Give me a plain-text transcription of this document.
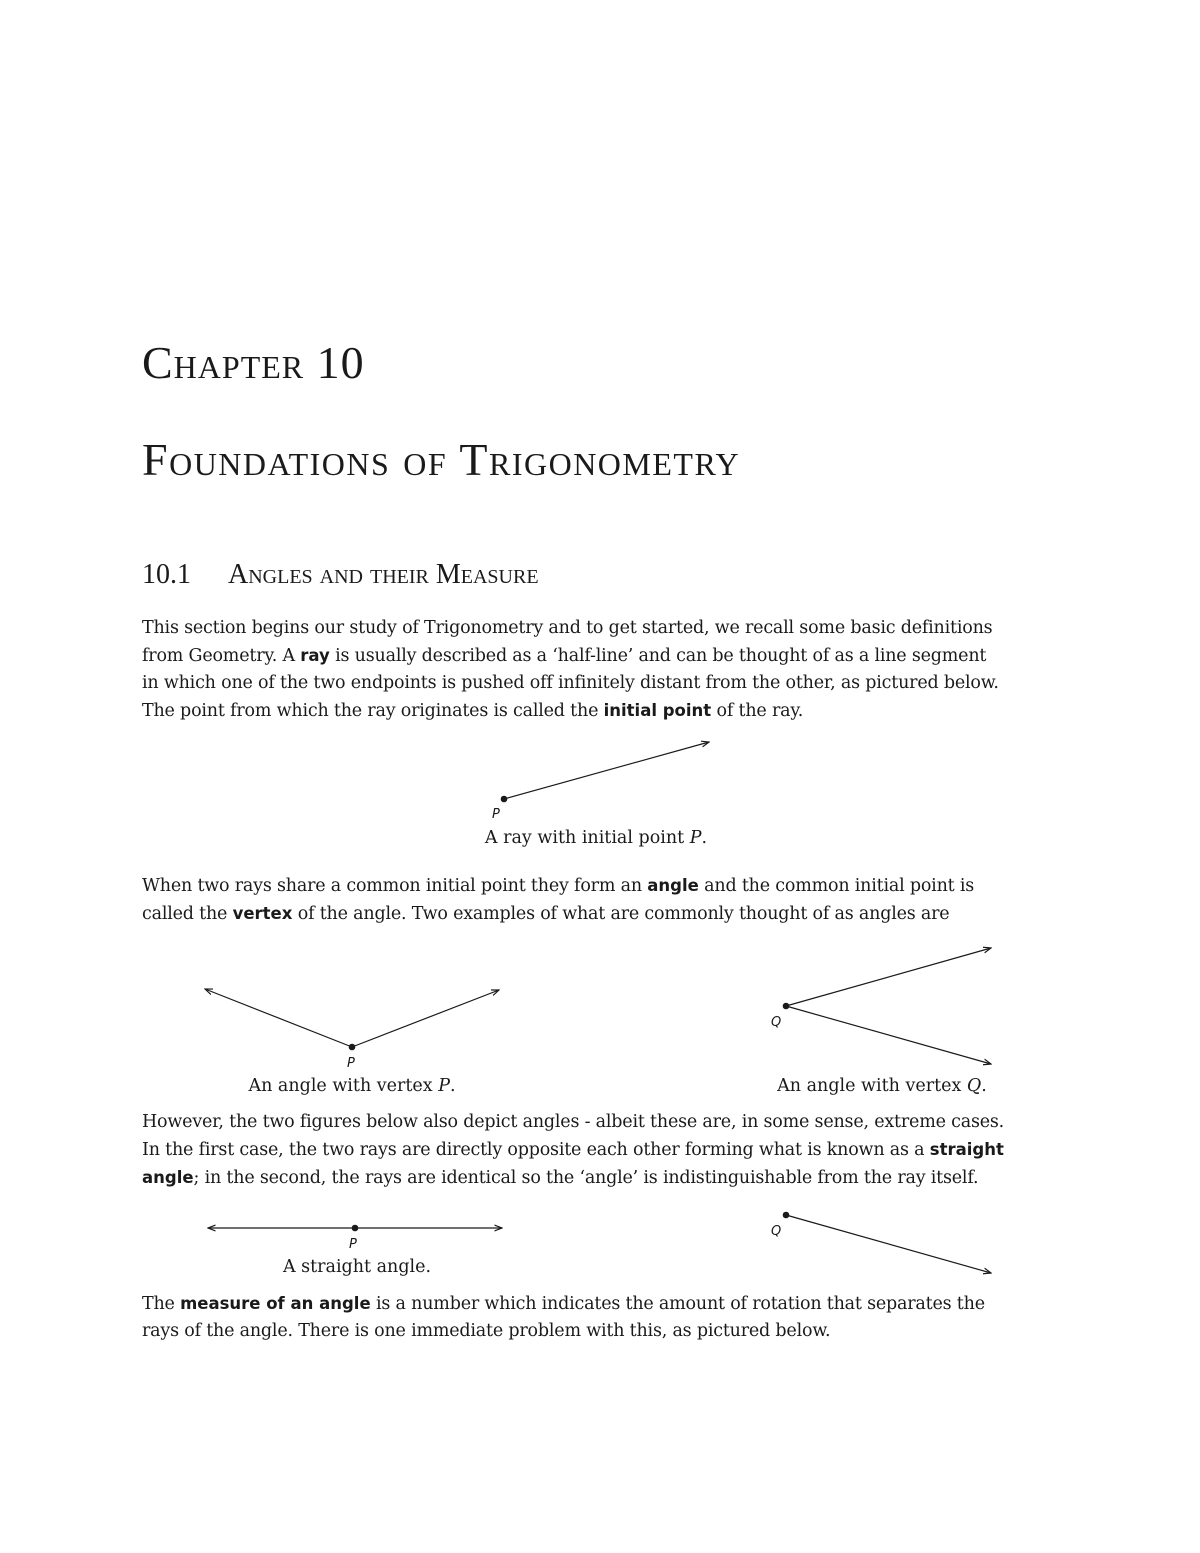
Chapter 10
Foundations of Trigonometry
10.1 Angles and their Measure

This section begins our study of Trigonometry and to get started, we recall some basic definitions
from Geometry. A ray is usually described as a ‘half-line’ and can be thought of as a line segment
in which one of the two endpoints is pushed off infinitely distant from the other, as pictured below.
The point from which the ray originates is called the initial point of the ray.

A ray with initial point P.

When two rays share a common initial point they form an angle and the common initial point is
called the vertex of the angle. Two examples of what are commonly thought of as angles are

An angle with vertex P.	An angle with vertex Q.

However, the two figures below also depict angles - albeit these are, in some sense, extreme cases.
In the first case, the two rays are directly opposite each other forming what is known as a straight
angle; in the second, the rays are identical so the ‘angle’ is indistinguishable from the ray itself.

A straight angle.

The measure of an angle is a number which indicates the amount of rotation that separates the
rays of the angle. There is one immediate problem with this, as pictured below.

P
P
Q
P
Q
